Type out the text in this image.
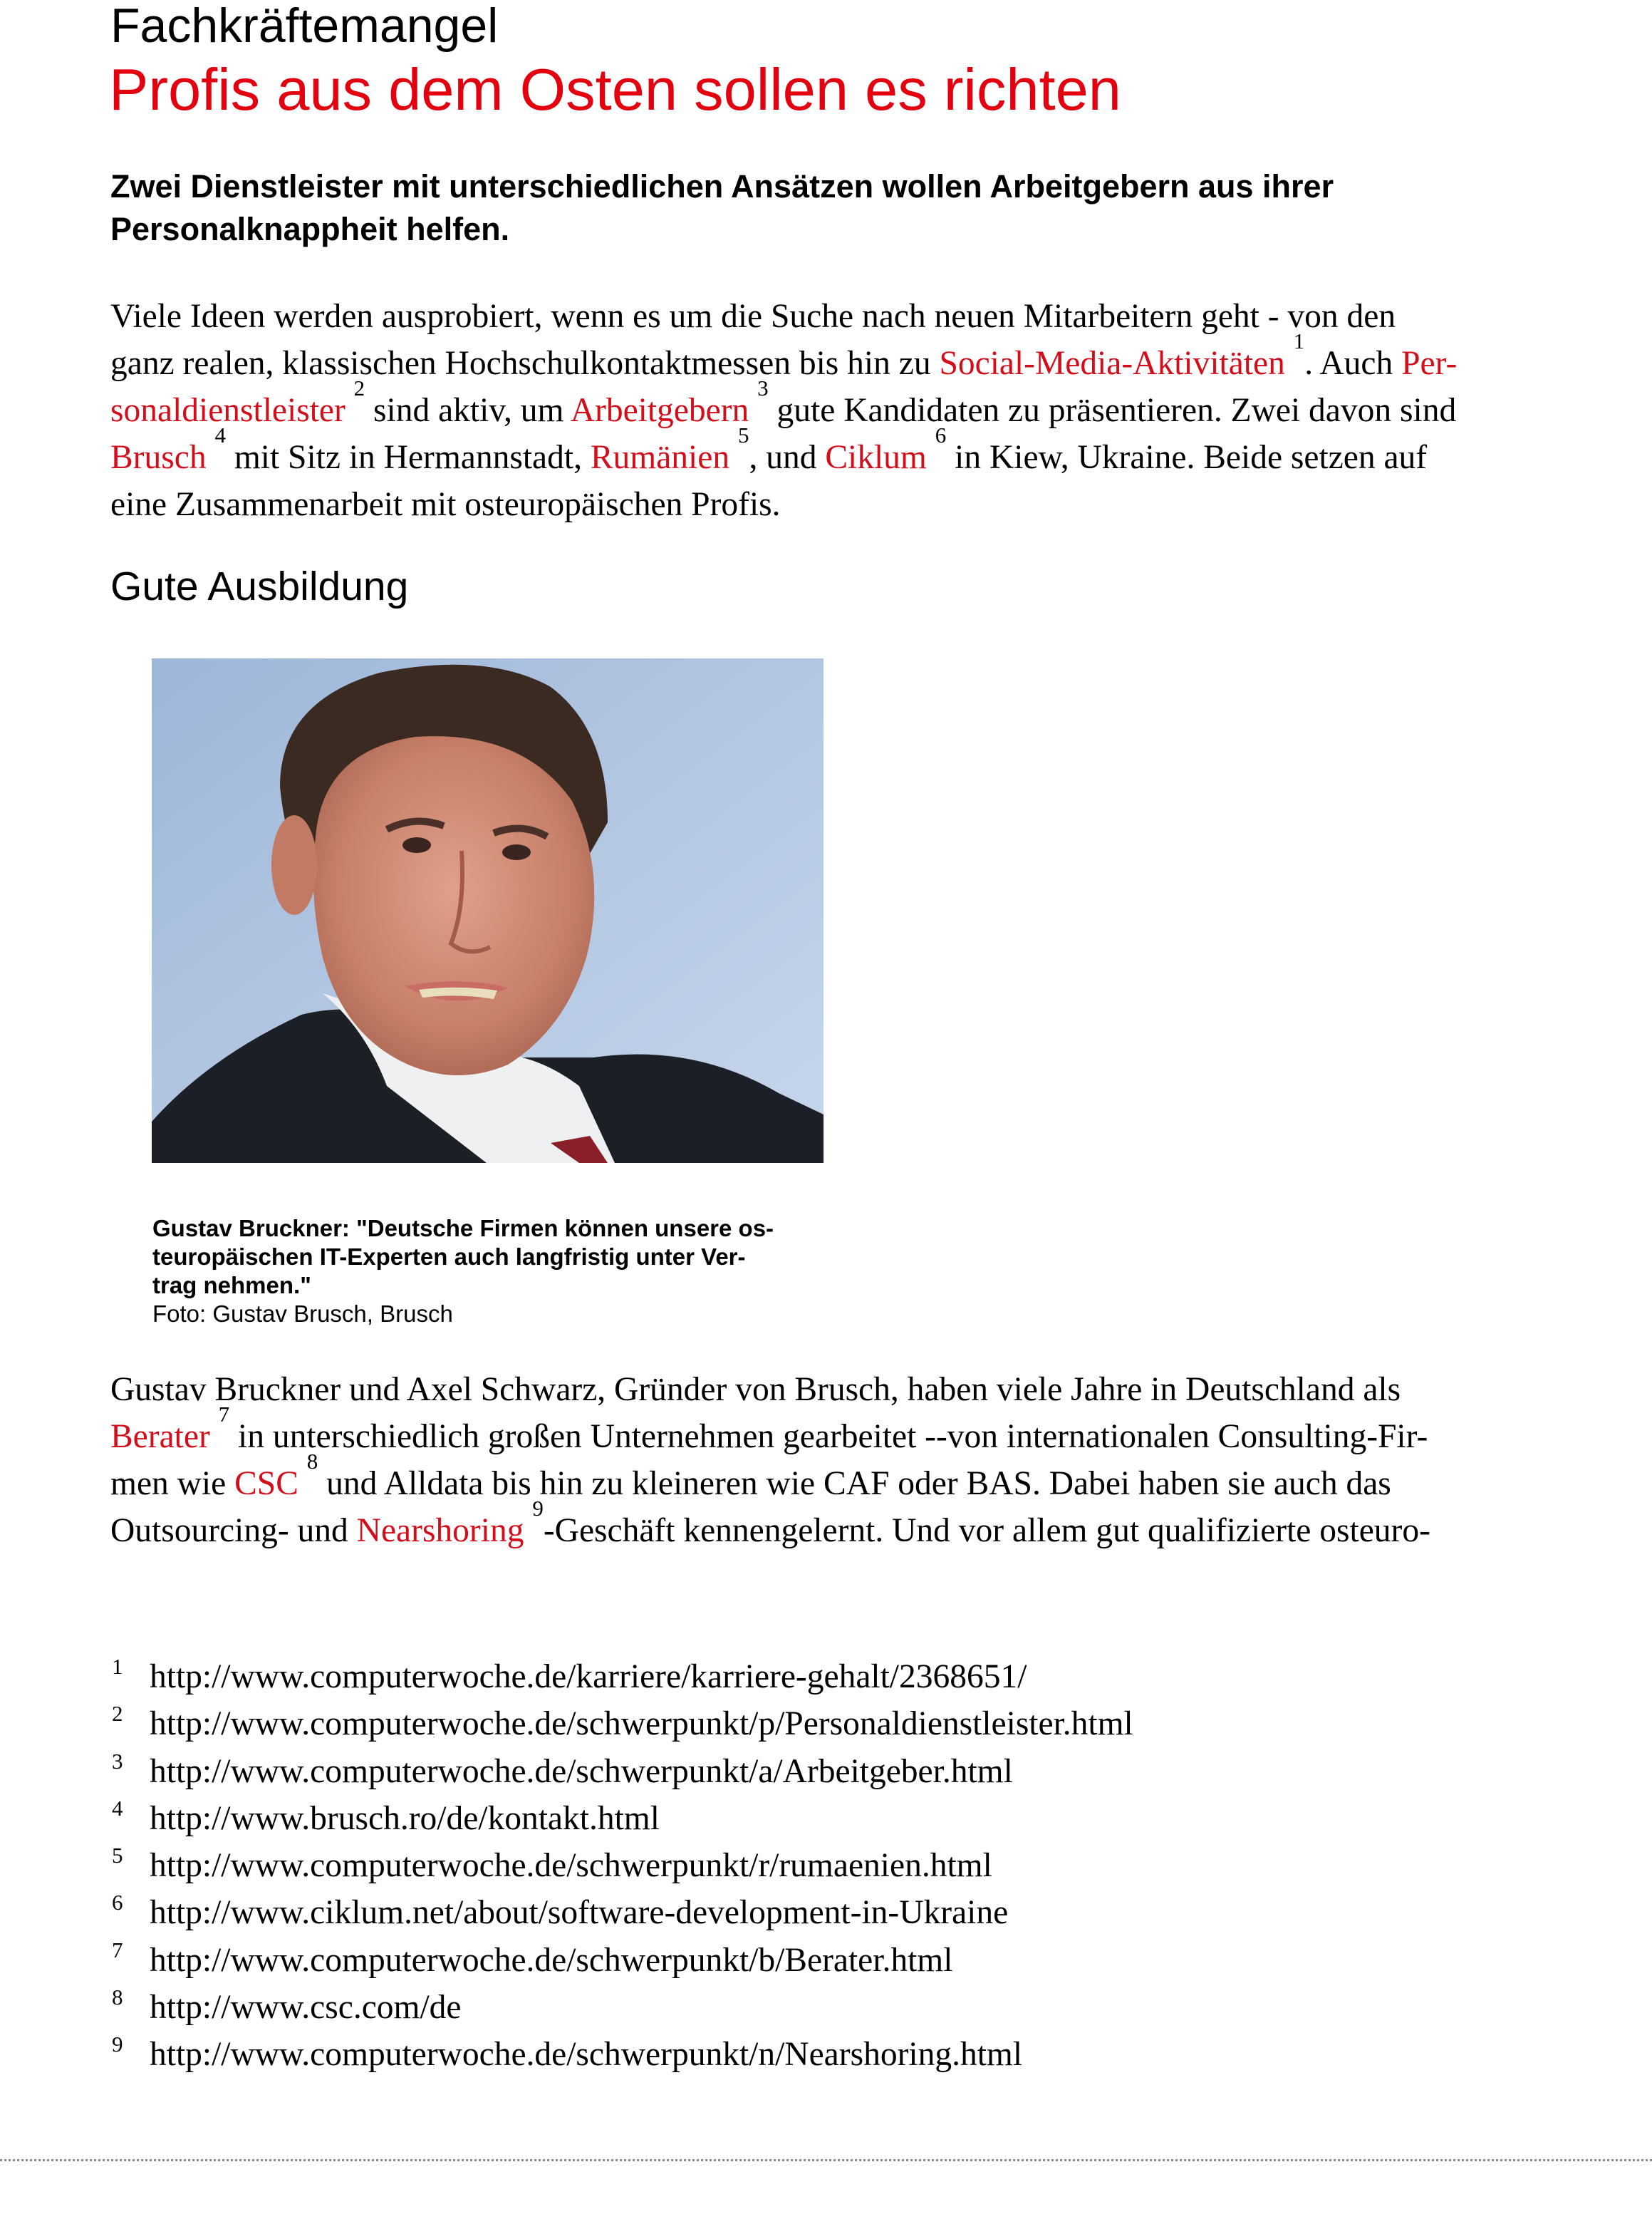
Fachkräftemangel
Profis aus dem Osten sollen es richten
Zwei Dienstleister mit unterschiedlichen Ansätzen wollen Arbeitgebern aus ihrer
Personalknappheit helfen.
Viele Ideen werden ausprobiert, wenn es um die Suche nach neuen Mitarbeitern geht - von den
ganz realen, klassischen Hochschulkontaktmessen bis hin zu Social-Media-Aktivitäten $^1$. Auch Per-
sonaldienstleister $^2$ sind aktiv, um Arbeitgebern $^3$ gute Kandidaten zu präsentieren. Zwei davon sind
Brusch $^4$ mit Sitz in Hermannstadt, Rumänien $^5$, und Ciklum $^6$ in Kiew, Ukraine. Beide setzen auf
eine Zusammenarbeit mit osteuropäischen Profis.
Gute Ausbildung
Gustav Bruckner: "Deutsche Firmen können unsere os-
teuropäischen IT-Experten auch langfristig unter Ver-
trag nehmen."
Foto: Gustav Brusch, Brusch
Gustav Bruckner und Axel Schwarz, Gründer von Brusch, haben viele Jahre in Deutschland als
Berater $^7$ in unterschiedlich großen Unternehmen gearbeitet --von internationalen Consulting-Fir-
men wie CSC $^8$ und Alldata bis hin zu kleineren wie CAF oder BAS. Dabei haben sie auch das
Outsourcing- und Nearshoring $^9$-Geschäft kennengelernt. Und vor allem gut qualifizierte osteuro-
1 http://www.computerwoche.de/karriere/karriere-gehalt/2368651/
2 http://www.computerwoche.de/schwerpunkt/p/Personaldienstleister.html
3 http://www.computerwoche.de/schwerpunkt/a/Arbeitgeber.html
4 http://www.brusch.ro/de/kontakt.html
5 http://www.computerwoche.de/schwerpunkt/r/rumaenien.html
6 http://www.ciklum.net/about/software-development-in-Ukraine
7 http://www.computerwoche.de/schwerpunkt/b/Berater.html
8 http://www.csc.com/de
9 http://www.computerwoche.de/schwerpunkt/n/Nearshoring.html
